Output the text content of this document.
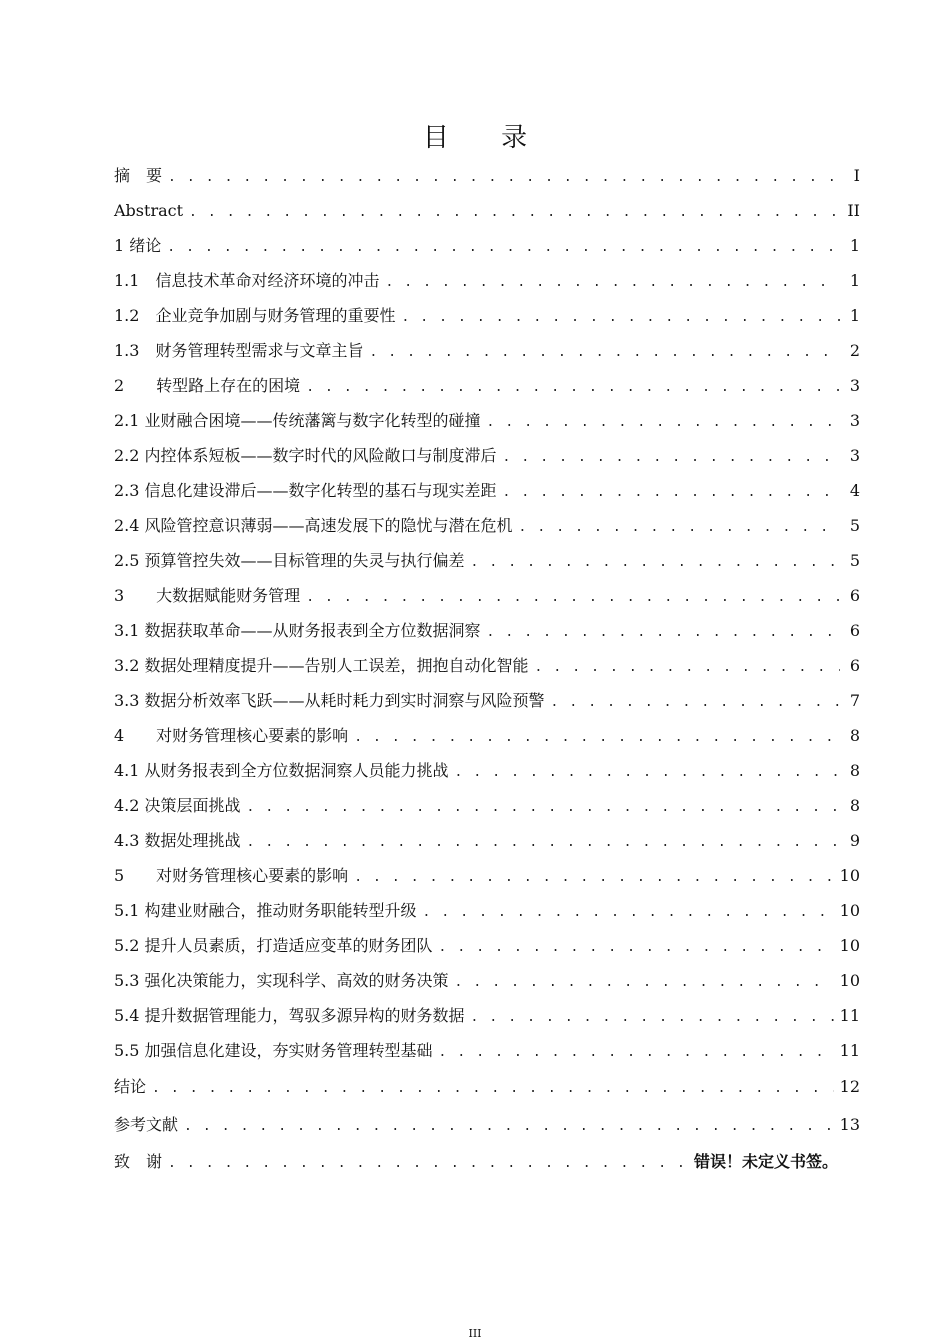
目 录
摘　要 . . .	I
Abstract . . .	II
1 绪论 . . .	1
1.1　信息技术革命对经济环境的冲击 . . .	1
1.2　企业竞争加剧与财务管理的重要性 . . .	1
1.3　财务管理转型需求与文章主旨 . . .	2
2　　转型路上存在的困境 . . .	3
2.1 业财融合困境——传统藩篱与数字化转型的碰撞 . . .	3
2.2 内控体系短板——数字时代的风险敞口与制度滞后 . . .	3
2.3 信息化建设滞后——数字化转型的基石与现实差距 . . .	4
2.4 风险管控意识薄弱——高速发展下的隐忧与潜在危机 . . .	5
2.5 预算管控失效——目标管理的失灵与执行偏差 . . .	5
3　　大数据赋能财务管理 . . .	6
3.1 数据获取革命——从财务报表到全方位数据洞察 . . .	6
3.2 数据处理精度提升——告别人工误差，拥抱自动化智能 . . .	6
3.3 数据分析效率飞跃——从耗时耗力到实时洞察与风险预警 . . .	7
4　　对财务管理核心要素的影响 . . .	8
4.1 从财务报表到全方位数据洞察人员能力挑战 . . .	8
4.2 决策层面挑战 . . .	8
4.3 数据处理挑战 . . .	9
5　　对财务管理核心要素的影响 . . .	10
5.1 构建业财融合，推动财务职能转型升级 . . .	10
5.2 提升人员素质，打造适应变革的财务团队 . . .	10
5.3 强化决策能力，实现科学、高效的财务决策 . . .	10
5.4 提升数据管理能力，驾驭多源异构的财务数据 . . .	11
5.5 加强信息化建设，夯实财务管理转型基础 . . .	11
结论 . . .	12
参考文献 . . .	13
致　谢 . . .	错误！未定义书签。
III
